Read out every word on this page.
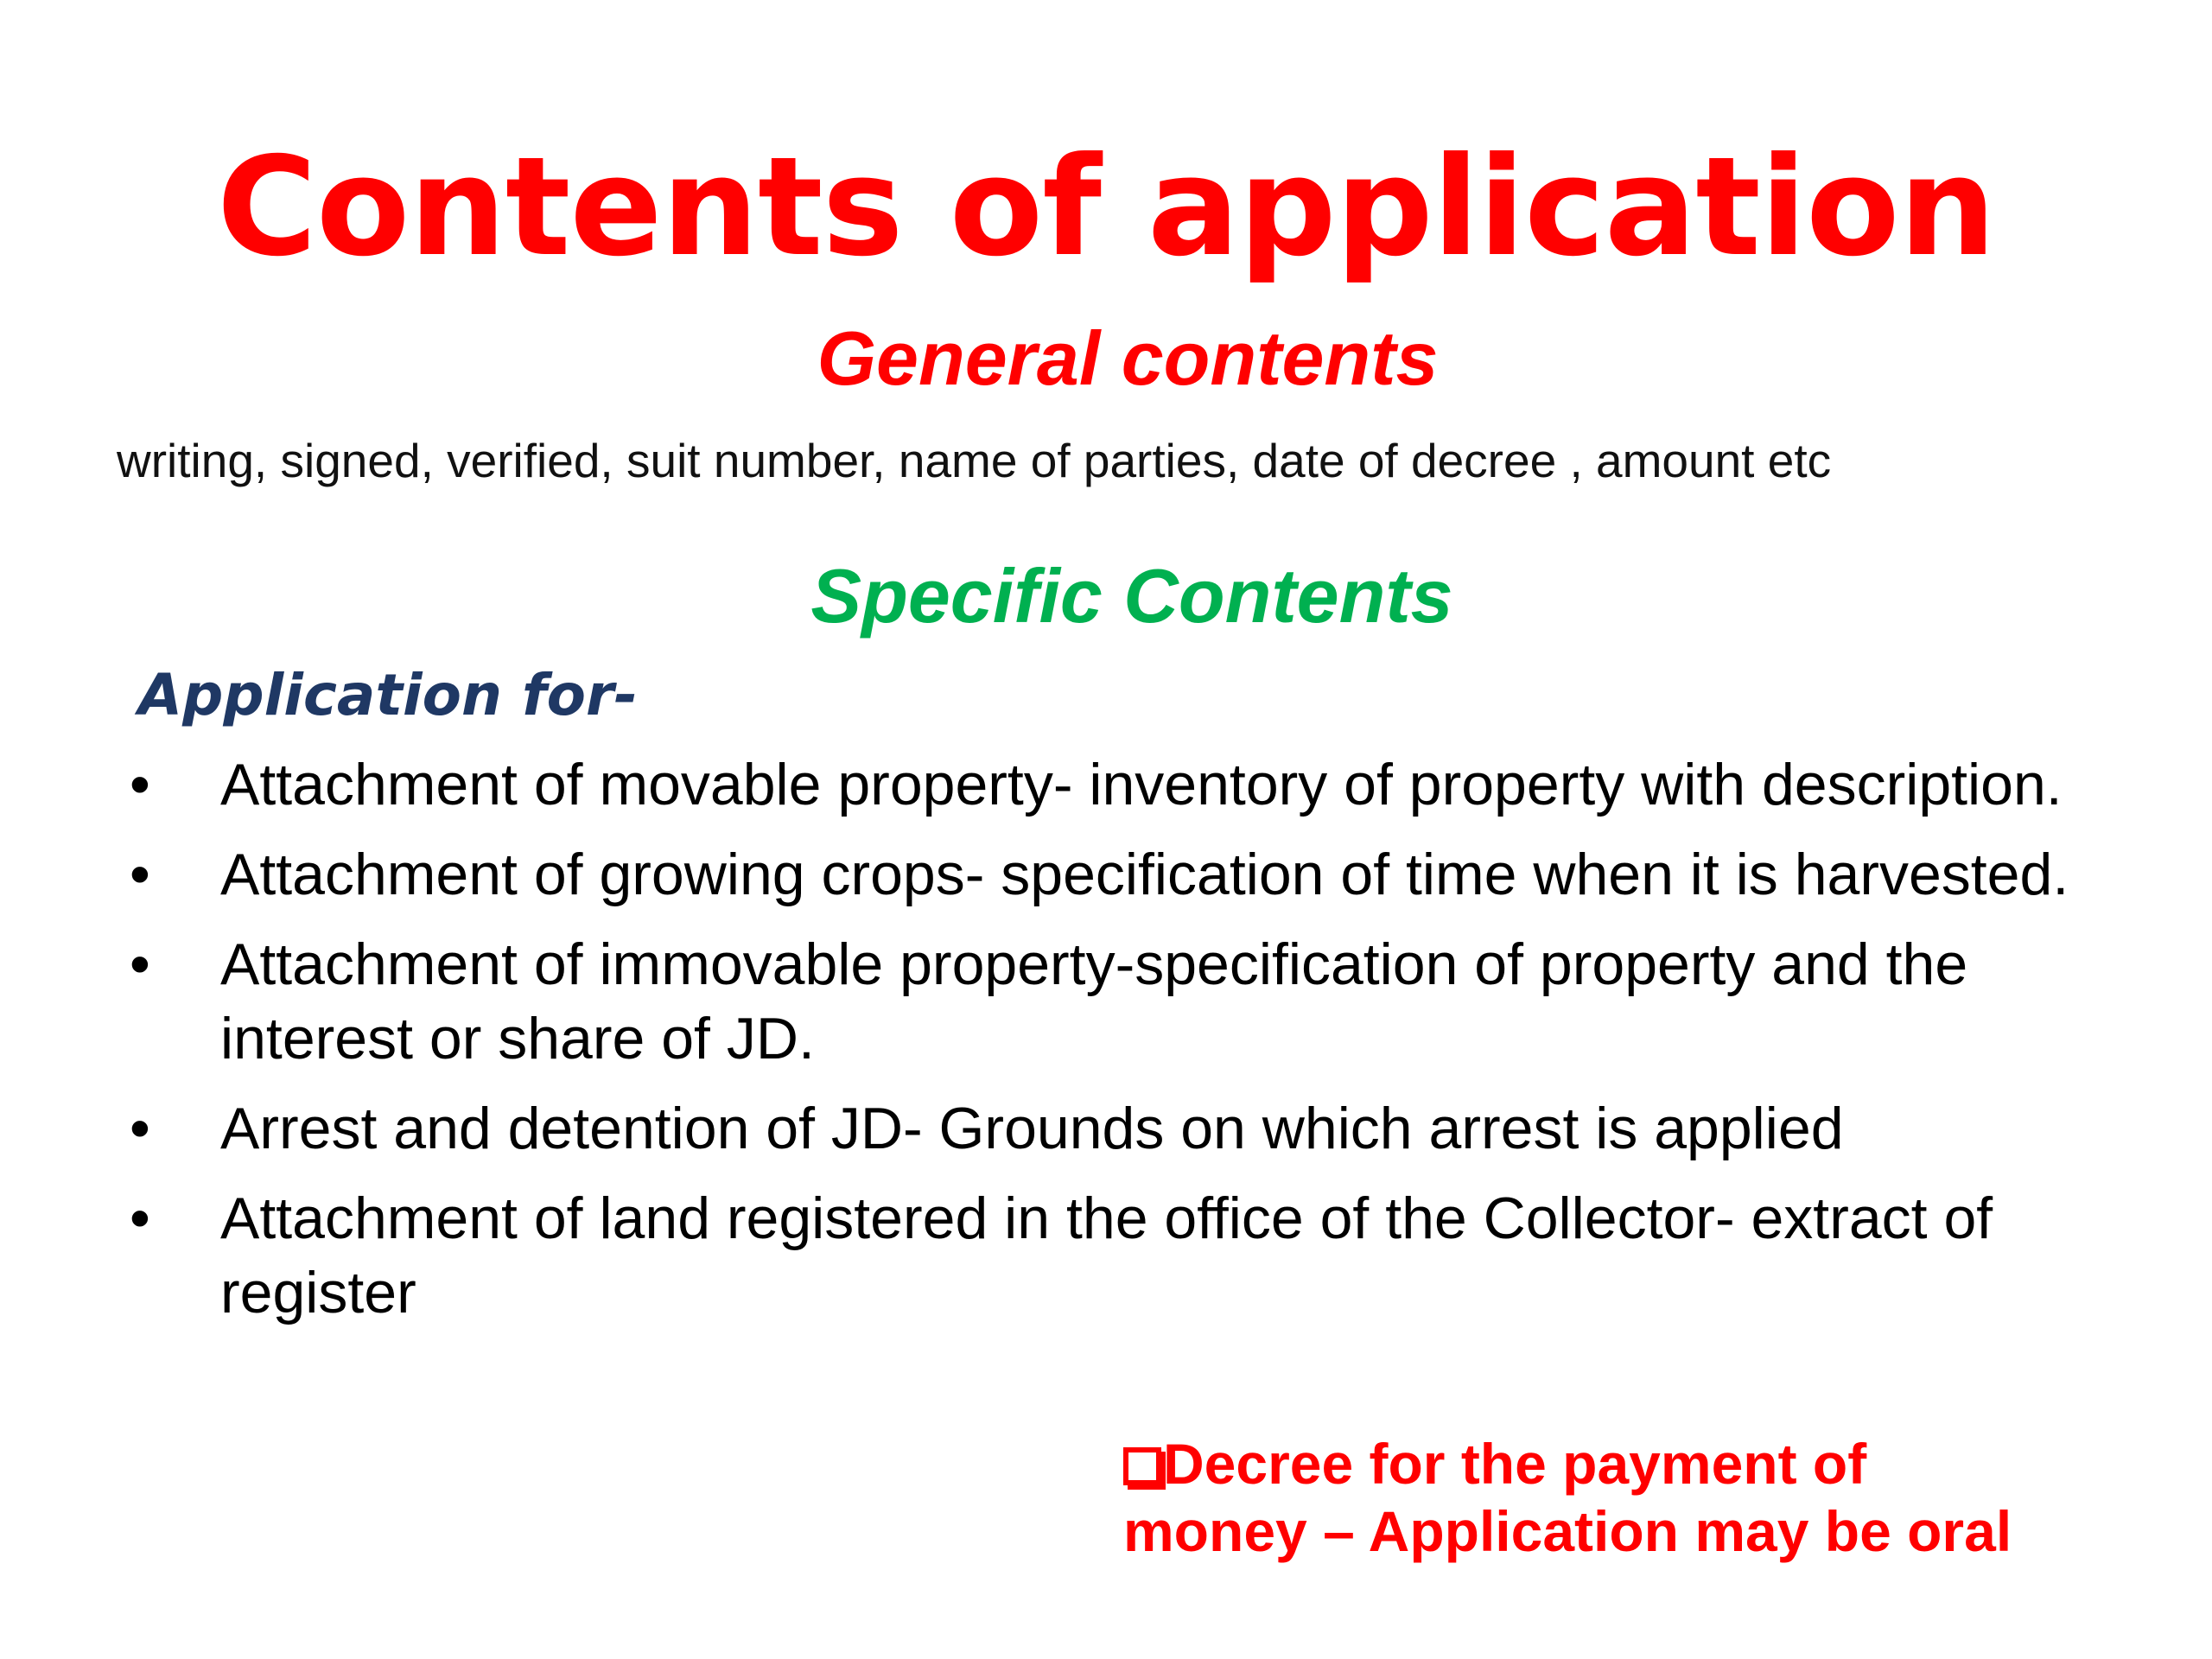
Contents of application
General contents
writing, signed, verified, suit number, name of parties, date of decree , amount etc
Specific Contents
Application for-
• Attachment of movable property- inventory of property with description.
• Attachment of growing crops- specification of time when it is harvested.
• Attachment of immovable property-specification of property and the interest or share of JD.
• Arrest and detention of JD- Grounds on which arrest is applied
• Attachment of land registered in the office of the Collector- extract of register
Decree for the payment of
money – Application may be oral
